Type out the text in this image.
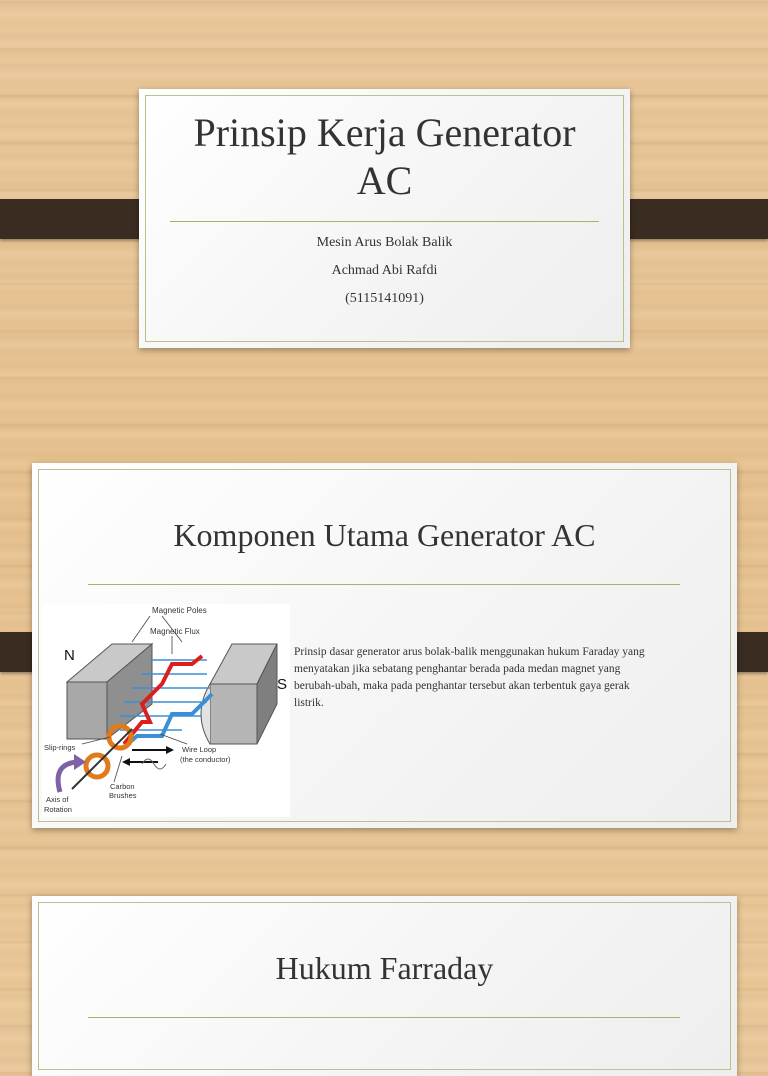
Prinsip Kerja Generator
AC
Mesin Arus Bolak Balik
Achmad Abi Rafdi
(5115141091)
Komponen Utama Generator AC
Magnetic Poles
Magnetic Flux
N
Slip-rings	Wire Loop
(the conductor)
Carbon
Brushes
Axis of
Rotation
S
Prinsip dasar generator arus bolak-balik menggunakan hukum Faraday yang menyatakan jika sebatang penghantar berada pada medan magnet yang berubah-ubah, maka pada penghantar tersebut akan terbentuk gaya gerak listrik.
Hukum Farraday
